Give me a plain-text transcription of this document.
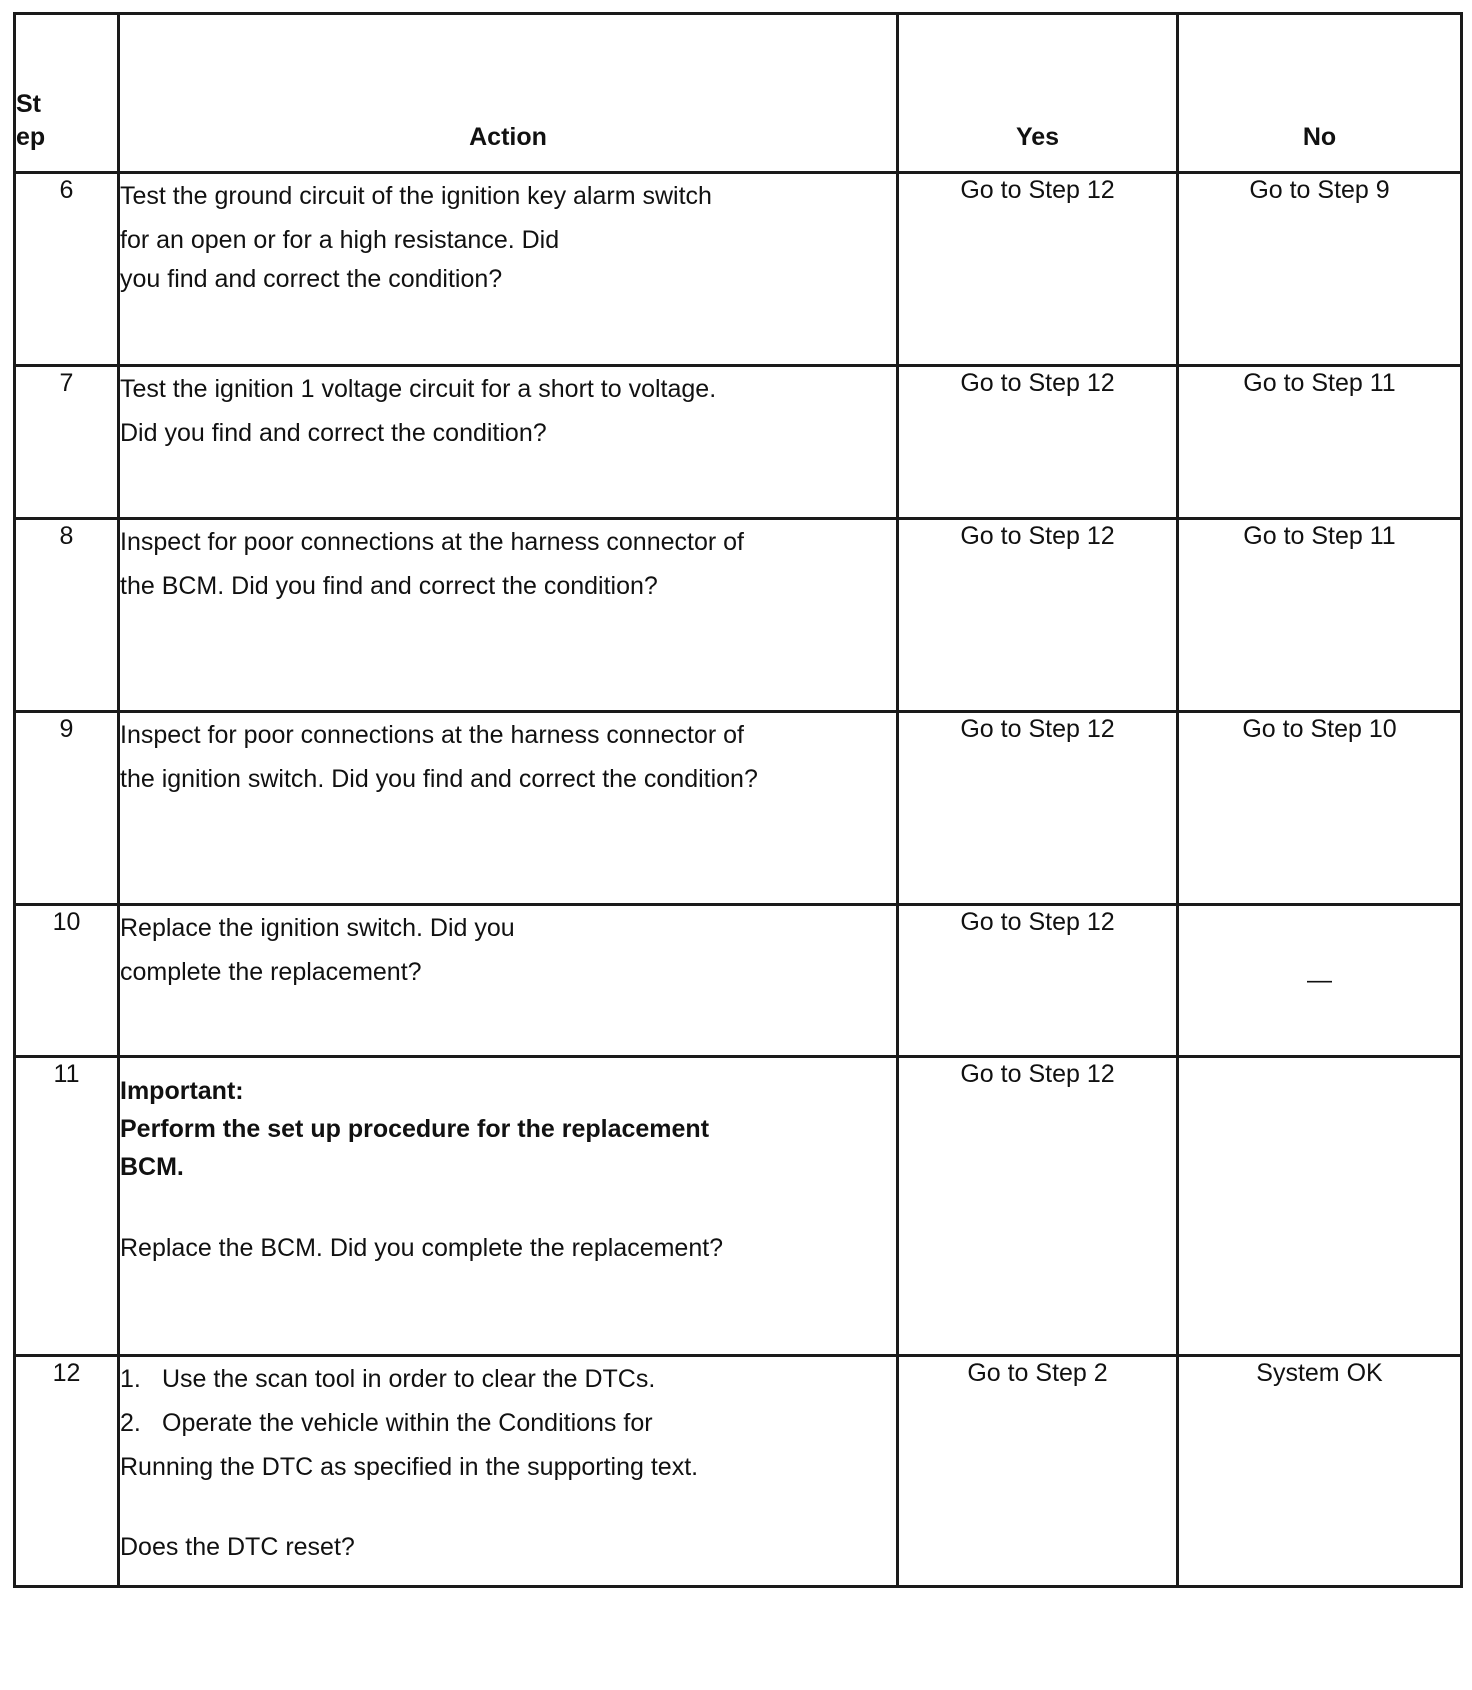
St
ep	Action	Yes	No
6	Test the ground circuit of the ignition key alarm switch

for an open or for a high resistance. Did

you find and correct the condition?	Go to Step 12	Go to Step 9
7	Test the ignition 1 voltage circuit for a short to voltage.

Did you find and correct the condition?	Go to Step 12	Go to Step 11
8	Inspect for poor connections at the harness connector of

the BCM. Did you find and correct the condition?	Go to Step 12	Go to Step 11
9	Inspect for poor connections at the harness connector of

the ignition switch. Did you find and correct the condition?	Go to Step 12	Go to Step 10
10	Replace the ignition switch. Did you

complete the replacement?	Go to Step 12	—
11	Important:

Perform the set up procedure for the replacement

BCM.

Replace the BCM. Did you complete the replacement?	Go to Step 12	
12	1. Use the scan tool in order to clear the DTCs.

2. Operate the vehicle within the Conditions for

Running the DTC as specified in the supporting text.

Does the DTC reset?	Go to Step 2	System OK
